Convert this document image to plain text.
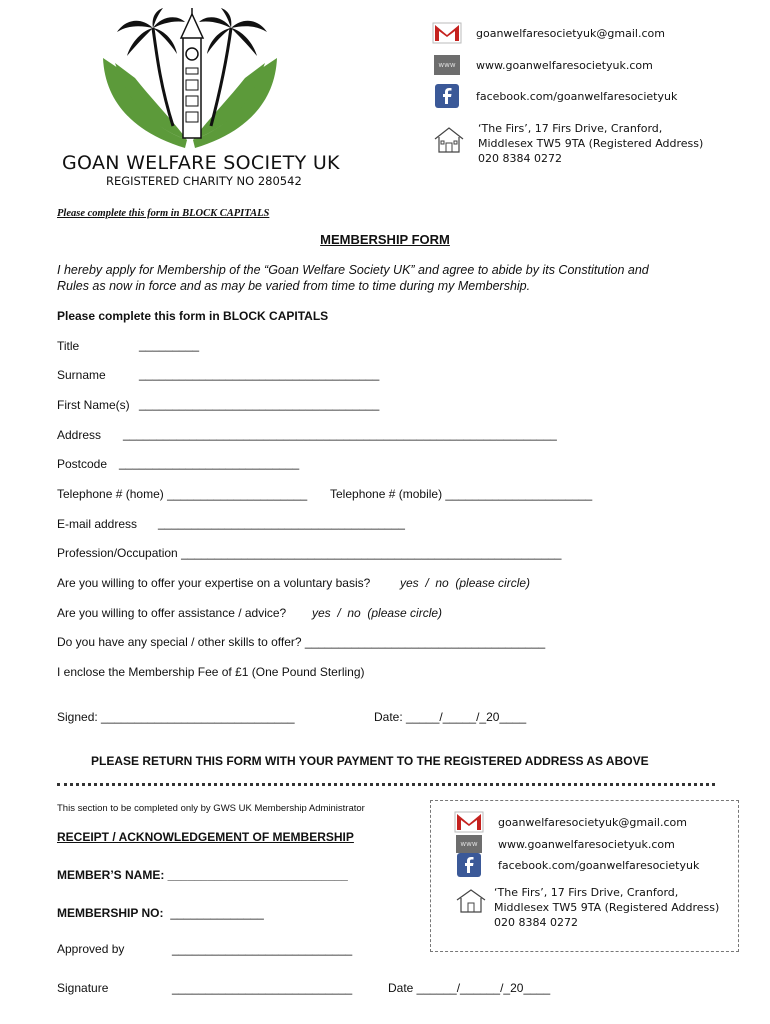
GOAN WELFARE SOCIETY UK
REGISTERED CHARITY NO 280542
goanwelfaresocietyuk@gmail.com
www	www.goanwelfaresocietyuk.com
facebook.com/goanwelfaresocietyuk
‘The Firs’, 17 Firs Drive, Cranford,
Middlesex TW5 9TA (Registered Address)
020 8384 0272
Please complete this form in BLOCK CAPITALS
MEMBERSHIP FORM
I hereby apply for Membership of the “Goan Welfare Society UK” and agree to abide by its Constitution and
Rules as now in force and as may be varied from time to time during my Membership.
Please complete this form in BLOCK CAPITALS
Title	_________
Surname	____________________________________
First Name(s) ____________________________________
Address _________________________________________________________________
Postcode ___________________________
Telephone # (home) _____________________ Telephone # (mobile) ______________________
E-mail address _____________________________________
Profession/Occupation _________________________________________________________
Are you willing to offer your expertise on a voluntary basis? yes  /  no  (please circle)
Are you willing to offer assistance / advice? yes  /  no  (please circle)
Do you have any special / other skills to offer? ____________________________________
I enclose the Membership Fee of £1 (One Pound Sterling)
Signed: _____________________________	Date: _____/_____/_20____
PLEASE RETURN THIS FORM WITH YOUR PAYMENT TO THE REGISTERED ADDRESS AS ABOVE
This section to be completed only by GWS UK Membership Administrator
RECEIPT / ACKNOWLEDGEMENT OF MEMBERSHIP
MEMBER’S NAME: ___________________________
MEMBERSHIP NO: ______________
Approved by	___________________________
Signature	___________________________	Date ______/______/_20____
goanwelfaresocietyuk@gmail.com
www	www.goanwelfaresocietyuk.com
facebook.com/goanwelfaresocietyuk
‘The Firs’, 17 Firs Drive, Cranford,
Middlesex TW5 9TA (Registered Address)
020 8384 0272
